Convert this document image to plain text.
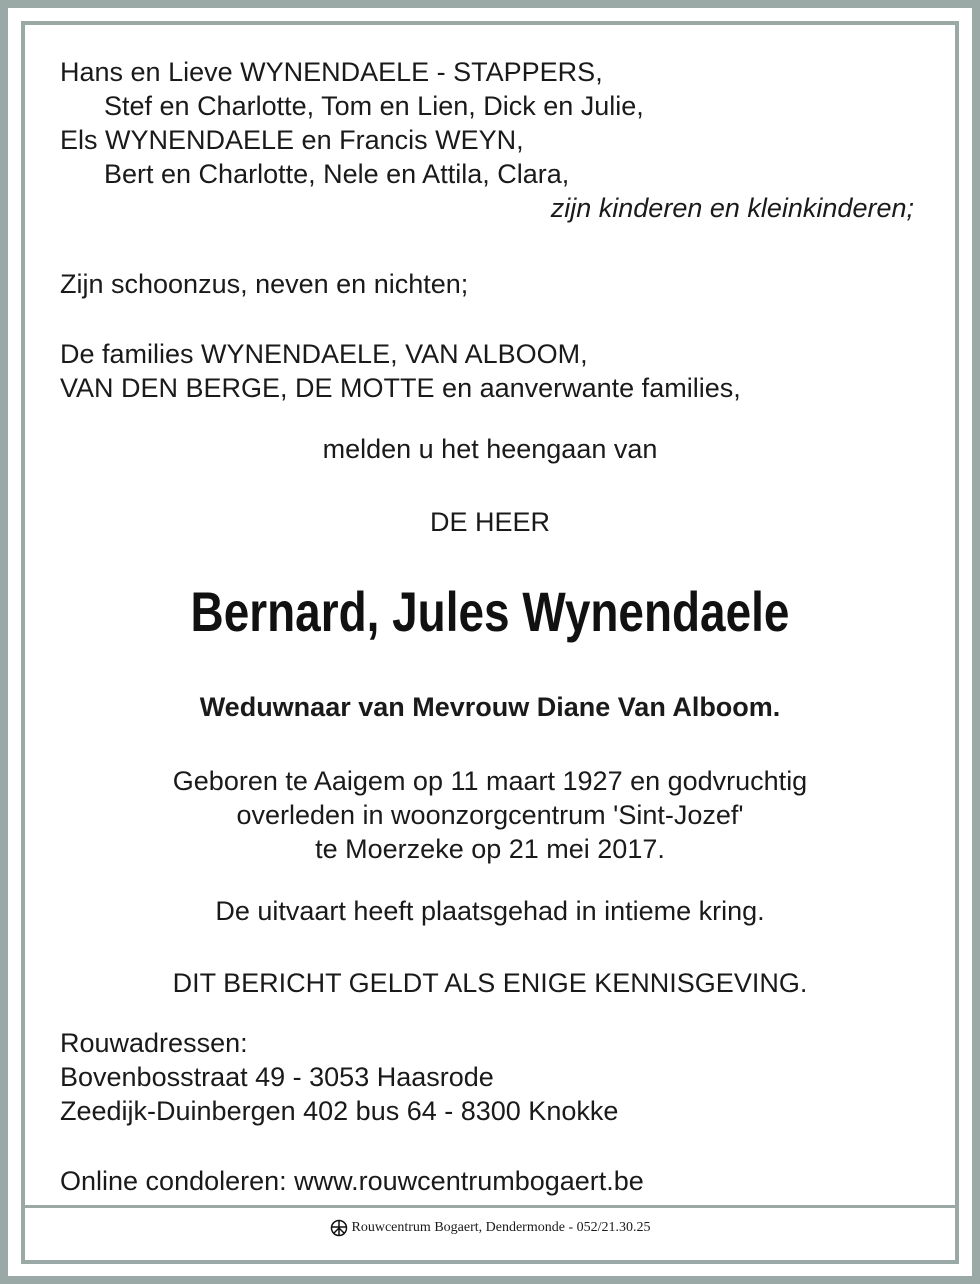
Hans en Lieve WYNENDAELE - STAPPERS,
Stef en Charlotte, Tom en Lien, Dick en Julie,
Els WYNENDAELE en Francis WEYN,
Bert en Charlotte, Nele en Attila, Clara,
zijn kinderen en kleinkinderen;
Zijn schoonzus, neven en nichten;
De families WYNENDAELE, VAN ALBOOM,
VAN DEN BERGE, DE MOTTE en aanverwante families,
melden u het heengaan van
DE HEER
Bernard, Jules Wynendaele
Weduwnaar van Mevrouw Diane Van Alboom.
Geboren te Aaigem op 11 maart 1927 en godvruchtig
overleden in woonzorgcentrum 'Sint-Jozef'
te Moerzeke op 21 mei 2017.
De uitvaart heeft plaatsgehad in intieme kring.
DIT BERICHT GELDT ALS ENIGE KENNISGEVING.
Rouwadressen:
Bovenbosstraat 49 - 3053 Haasrode
Zeedijk-Duinbergen 402 bus 64 - 8300 Knokke
Online condoleren: www.rouwcentrumbogaert.be
Rouwcentrum Bogaert, Dendermonde - 052/21.30.25
